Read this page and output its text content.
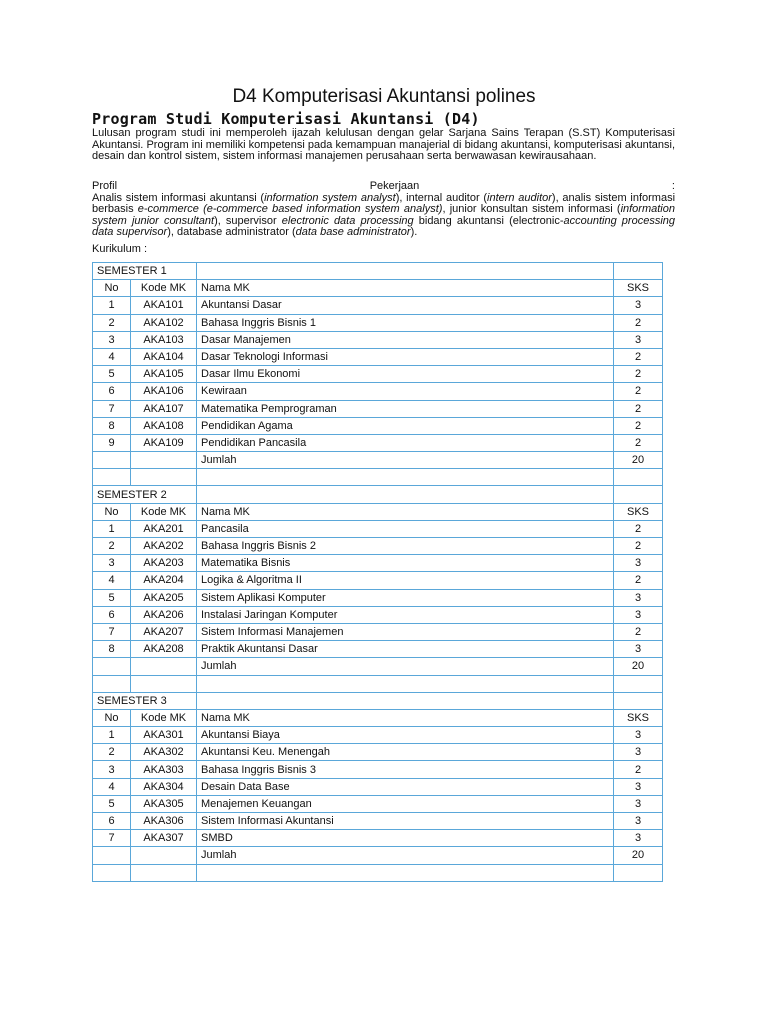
D4 Komputerisasi Akuntansi polines
Program Studi Komputerisasi Akuntansi (D4)

Lulusan program studi ini memperoleh ijazah kelulusan dengan gelar Sarjana Sains Terapan (S.ST) Komputerisasi Akuntansi. Program ini memiliki kompetensi pada kemampuan manajerial di bidang akuntansi, komputerisasi akuntansi, desain dan kontrol sistem, sistem informasi manajemen perusahaan serta berwawasan kewirausahaan.

Profil	Pekerjaan	:
Analis sistem informasi akuntansi (information system analyst), internal auditor (intern auditor), analis sistem informasi berbasis e-commerce (e-commerce based information system analyst), junior konsultan sistem informasi (information system junior consultant), supervisor electronic data processing bidang akuntansi (electronic-accounting processing data supervisor), database administrator (data base administrator).

Kurikulum :

SEMESTER 1			
No	Kode MK	Nama MK	SKS
1	AKA101	Akuntansi Dasar	3
2	AKA102	Bahasa Inggris Bisnis 1	2
3	AKA103	Dasar Manajemen	3
4	AKA104	Dasar Teknologi Informasi	2
5	AKA105	Dasar Ilmu Ekonomi	2
6	AKA106	Kewiraan	2
7	AKA107	Matematika Pemprograman	2
8	AKA108	Pendidikan Agama	2
9	AKA109	Pendidikan Pancasila	2
		Jumlah	20

SEMESTER 2			
No	Kode MK	Nama MK	SKS
1	AKA201	Pancasila	2
2	AKA202	Bahasa Inggris Bisnis 2	2
3	AKA203	Matematika Bisnis	3
4	AKA204	Logika & Algoritma II	2
5	AKA205	Sistem Aplikasi Komputer	3
6	AKA206	Instalasi Jaringan Komputer	3
7	AKA207	Sistem Informasi Manajemen	2
8	AKA208	Praktik Akuntansi Dasar	3
		Jumlah	20

SEMESTER 3			
No	Kode MK	Nama MK	SKS
1	AKA301	Akuntansi Biaya	3
2	AKA302	Akuntansi Keu. Menengah	3
3	AKA303	Bahasa Inggris Bisnis 3	2
4	AKA304	Desain Data Base	3
5	AKA305	Menajemen Keuangan	3
6	AKA306	Sistem Informasi Akuntansi	3
7	AKA307	SMBD	3
		Jumlah	20
